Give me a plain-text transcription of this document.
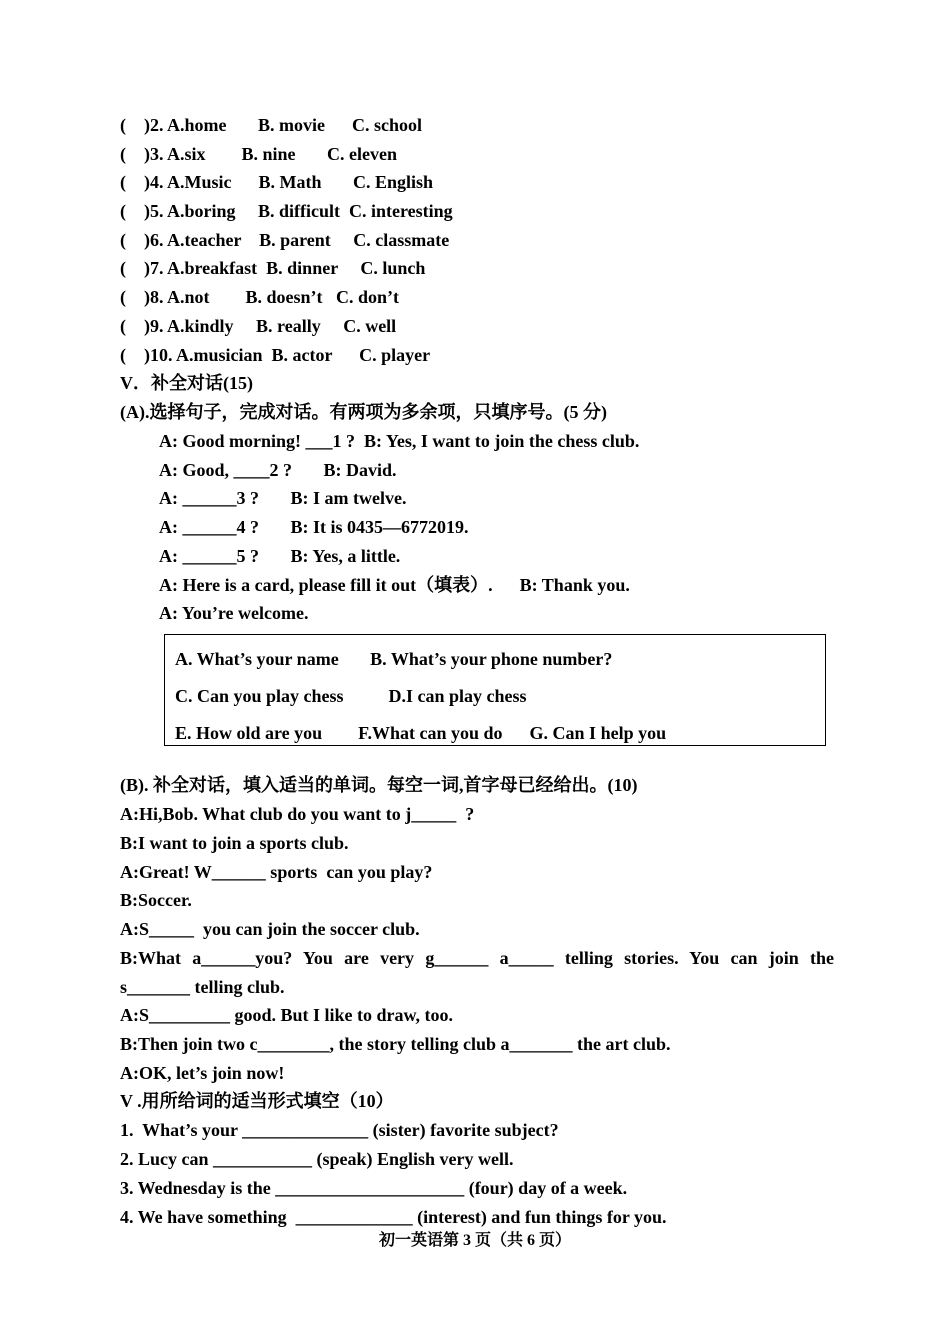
(    )2. A.home       B. movie      C. school
(    )3. A.six        B. nine       C. eleven
(    )4. A.Music      B. Math       C. English
(    )5. A.boring     B. difficult  C. interesting
(    )6. A.teacher    B. parent     C. classmate
(    )7. A.breakfast  B. dinner     C. lunch
(    )8. A.not        B. doesn’t   C. don’t
(    )9. A.kindly     B. really     C. well
(    )10. A.musician  B. actor      C. player
V．补全对话(15)
(A).选择句子，完成对话。有两项为多余项，只填序号。(5 分)
A: Good morning! ___1 ?  B: Yes, I want to join the chess club.
A: Good, ____2 ?       B: David.
A: ______3 ?       B: I am twelve.
A: ______4 ?       B: It is 0435—6772019.
A: ______5 ?       B: Yes, a little.
A: Here is a card, please fill it out（填表）.      B: Thank you.
A: You’re welcome.
A. What’s your name       B. What’s your phone number?
C. Can you play chess          D.I can play chess
E. How old are you        F.What can you do      G. Can I help you
(B). 补全对话，填入适当的单词。每空一词,首字母已经给出。(10)
A:Hi,Bob. What club do you want to j_____  ?
B:I want to join a sports club.
A:Great! W______ sports  can you play?
B:Soccer.
A:S_____  you can join the soccer club.
B:What a______you? You are very g______ a_____ telling stories. You can join the
s_______ telling club.
A:S_________ good. But I like to draw, too.
B:Then join two c________, the story telling club a_______ the art club.
A:OK, let’s join now!
V .用所给词的适当形式填空（10）
1.  What’s your ______________ (sister) favorite subject?
2. Lucy can ___________ (speak) English very well.
3. Wednesday is the _____________________ (four) day of a week.
4. We have something  _____________ (interest) and fun things for you.
初一英语第 3 页（共 6 页）
